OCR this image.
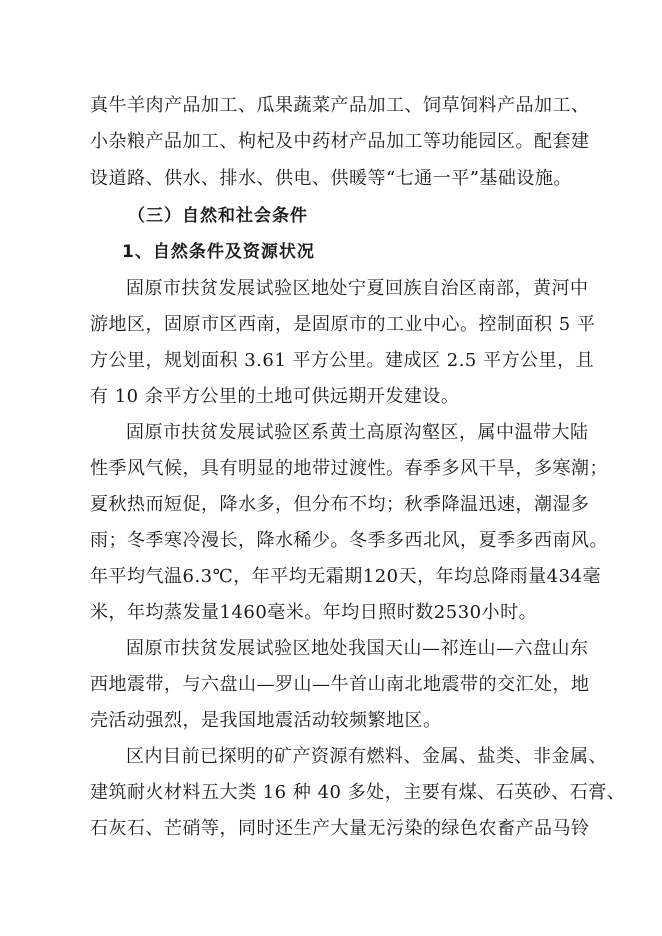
真牛羊肉产品加工、瓜果蔬菜产品加工、饲草饲料产品加工、
小杂粮产品加工、枸杞及中药材产品加工等功能园区。配套建
设道路、供水、排水、供电、供暖等“七通一平”基础设施。
（三）自然和社会条件
1、自然条件及资源状况
固原市扶贫发展试验区地处宁夏回族自治区南部，黄河中
游地区，固原市区西南，是固原市的工业中心。控制面积 5 平
方公里，规划面积 3.61 平方公里。建成区 2.5 平方公里，且
有 10 余平方公里的土地可供远期开发建设。
固原市扶贫发展试验区系黄土高原沟壑区，属中温带大陆
性季风气候，具有明显的地带过渡性。春季多风干旱，多寒潮；
夏秋热而短促，降水多，但分布不均；秋季降温迅速，潮湿多
雨；冬季寒冷漫长，降水稀少。冬季多西北风，夏季多西南风。
年平均气温6.3℃，年平均无霜期120天，年均总降雨量434毫
米，年均蒸发量1460毫米。年均日照时数2530小时。
固原市扶贫发展试验区地处我国天山—祁连山—六盘山东
西地震带，与六盘山—罗山—牛首山南北地震带的交汇处，地
壳活动强烈，是我国地震活动较频繁地区。
区内目前已探明的矿产资源有燃料、金属、盐类、非金属、
建筑耐火材料五大类 16 种 40 多处，主要有煤、石英砂、石膏、
石灰石、芒硝等，同时还生产大量无污染的绿色农畜产品马铃
